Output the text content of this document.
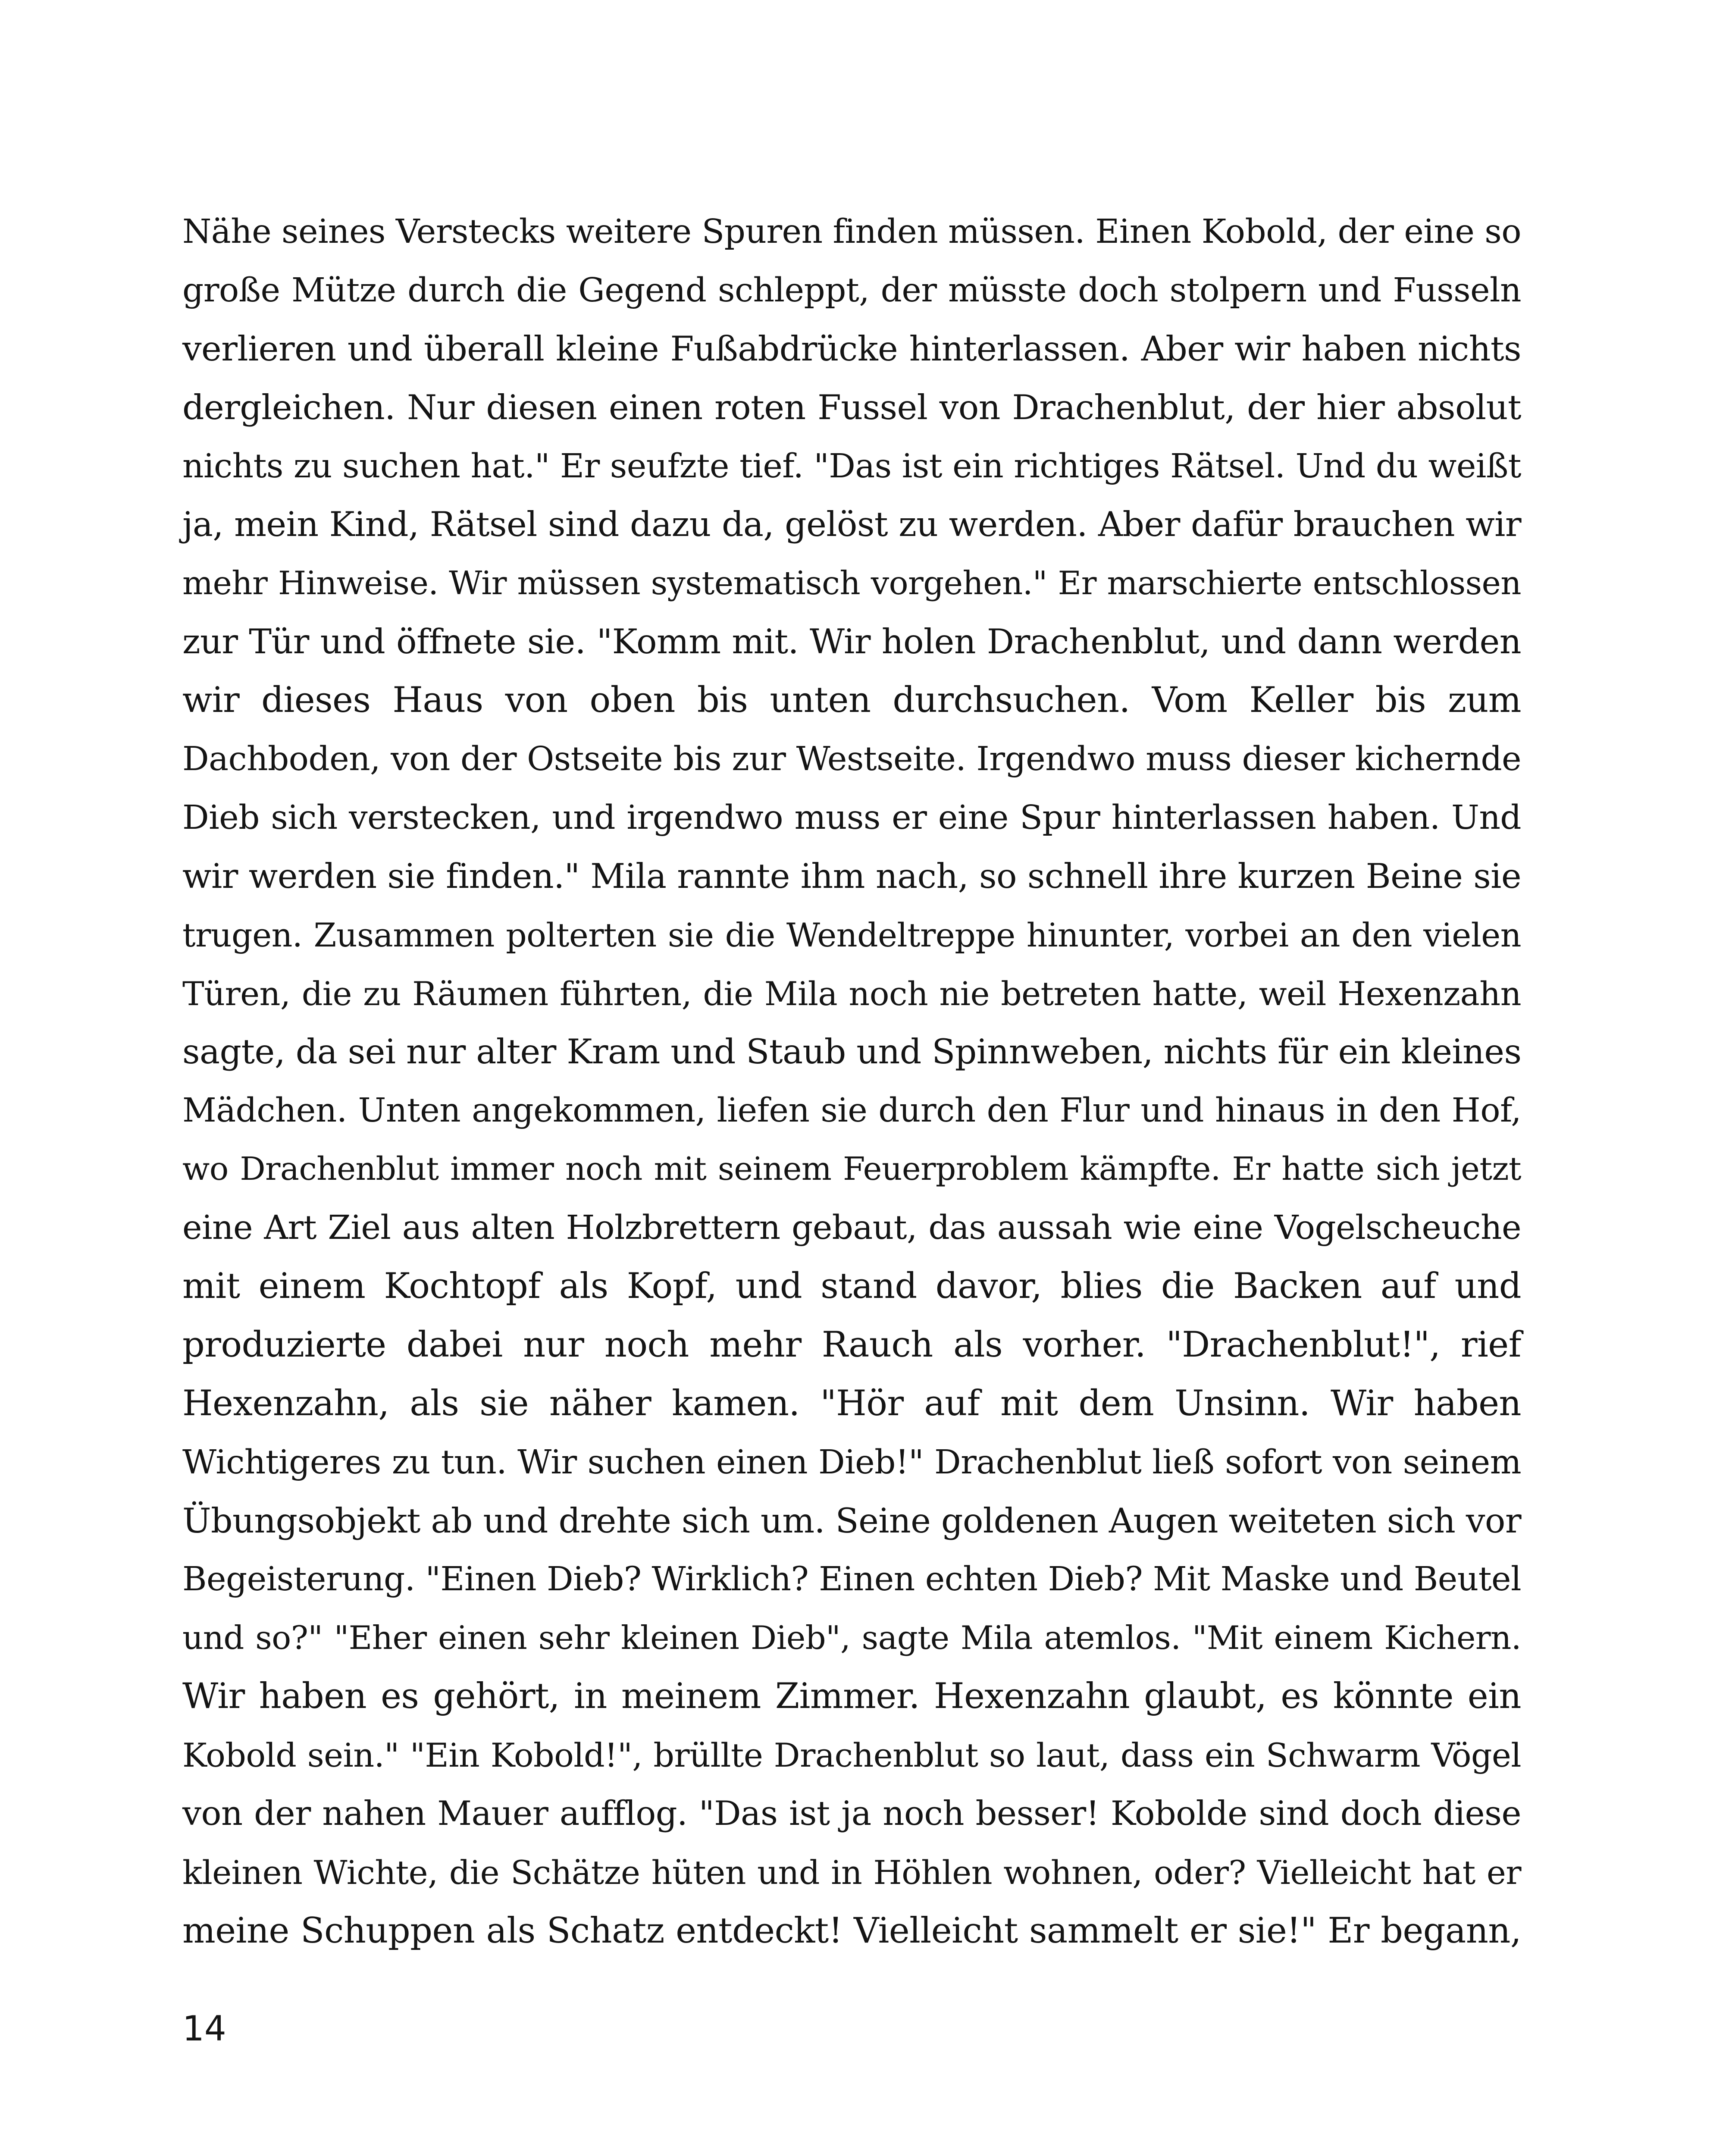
Nähe seines Verstecks weitere Spuren finden müssen. Einen Kobold, der eine so
große Mütze durch die Gegend schleppt, der müsste doch stolpern und Fusseln
verlieren und überall kleine Fußabdrücke hinterlassen. Aber wir haben nichts
dergleichen. Nur diesen einen roten Fussel von Drachenblut, der hier absolut
nichts zu suchen hat." Er seufzte tief. "Das ist ein richtiges Rätsel. Und du weißt
ja, mein Kind, Rätsel sind dazu da, gelöst zu werden. Aber dafür brauchen wir
mehr Hinweise. Wir müssen systematisch vorgehen." Er marschierte entschlossen
zur Tür und öffnete sie. "Komm mit. Wir holen Drachenblut, und dann werden
wir dieses Haus von oben bis unten durchsuchen. Vom Keller bis zum
Dachboden, von der Ostseite bis zur Westseite. Irgendwo muss dieser kichernde
Dieb sich verstecken, und irgendwo muss er eine Spur hinterlassen haben. Und
wir werden sie finden." Mila rannte ihm nach, so schnell ihre kurzen Beine sie
trugen. Zusammen polterten sie die Wendeltreppe hinunter, vorbei an den vielen
Türen, die zu Räumen führten, die Mila noch nie betreten hatte, weil Hexenzahn
sagte, da sei nur alter Kram und Staub und Spinnweben, nichts für ein kleines
Mädchen. Unten angekommen, liefen sie durch den Flur und hinaus in den Hof,
wo Drachenblut immer noch mit seinem Feuerproblem kämpfte. Er hatte sich jetzt
eine Art Ziel aus alten Holzbrettern gebaut, das aussah wie eine Vogelscheuche
mit einem Kochtopf als Kopf, und stand davor, blies die Backen auf und
produzierte dabei nur noch mehr Rauch als vorher. "Drachenblut!", rief
Hexenzahn, als sie näher kamen. "Hör auf mit dem Unsinn. Wir haben
Wichtigeres zu tun. Wir suchen einen Dieb!" Drachenblut ließ sofort von seinem
Übungsobjekt ab und drehte sich um. Seine goldenen Augen weiteten sich vor
Begeisterung. "Einen Dieb? Wirklich? Einen echten Dieb? Mit Maske und Beutel
und so?" "Eher einen sehr kleinen Dieb", sagte Mila atemlos. "Mit einem Kichern.
Wir haben es gehört, in meinem Zimmer. Hexenzahn glaubt, es könnte ein
Kobold sein." "Ein Kobold!", brüllte Drachenblut so laut, dass ein Schwarm Vögel
von der nahen Mauer aufflog. "Das ist ja noch besser! Kobolde sind doch diese
kleinen Wichte, die Schätze hüten und in Höhlen wohnen, oder? Vielleicht hat er
meine Schuppen als Schatz entdeckt! Vielleicht sammelt er sie!" Er begann,
14
